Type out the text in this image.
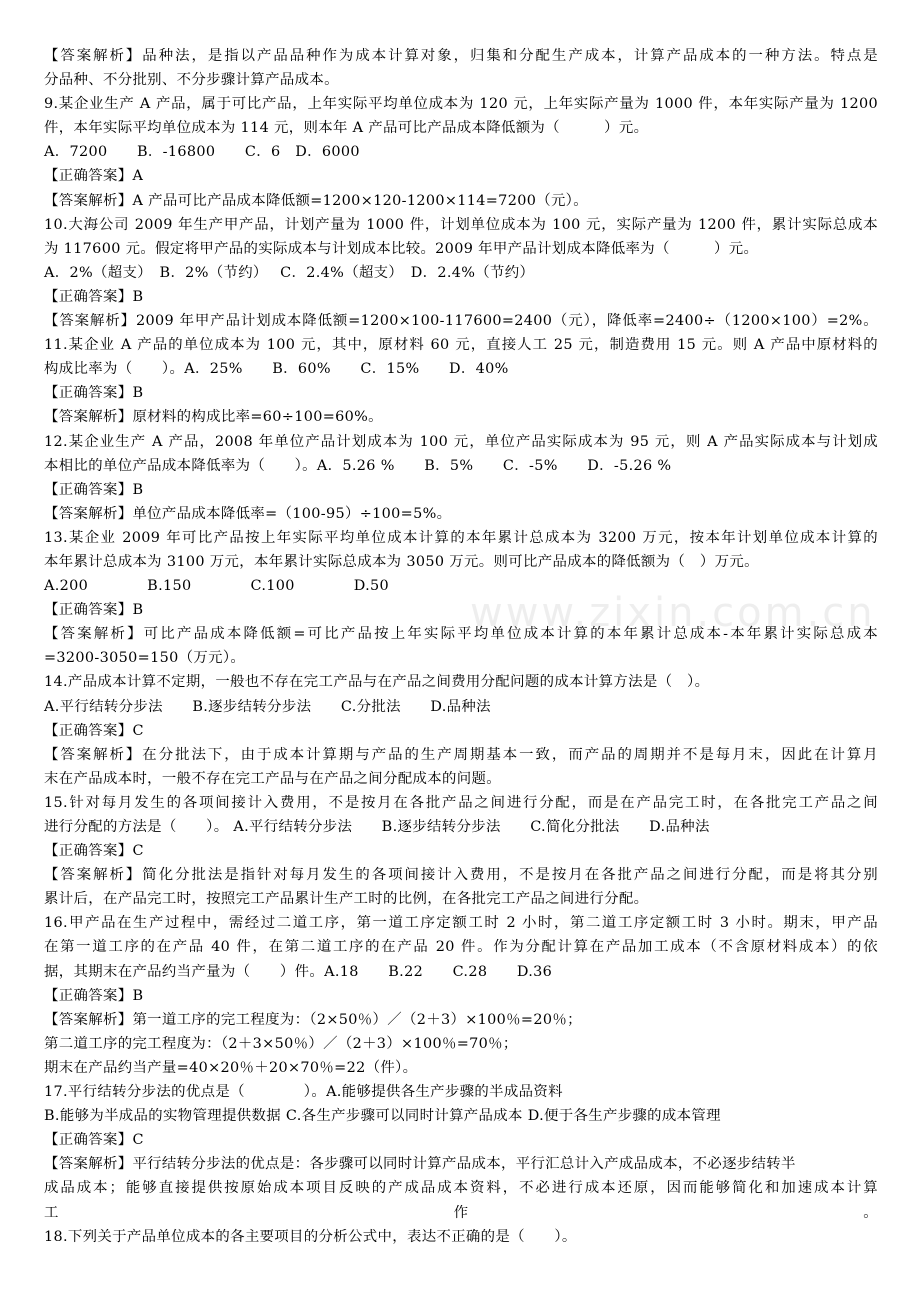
【答案解析】品种法，是指以产品品种作为成本计算对象，归集和分配生产成本，计算产品成本的一种方法。特点是
分品种、不分批别、不分步骤计算产品成本。
9.某企业生产 A 产品，属于可比产品，上年实际平均单位成本为 120 元，上年实际产量为 1000 件，本年实际产量为 1200
件，本年实际平均单位成本为 114 元，则本年 A 产品可比产品成本降低额为（　　　）元。
A．7200　　B．-16800　　C．6　D．6000
【正确答案】A
【答案解析】A 产品可比产品成本降低额=1200×120-1200×114=7200（元）。
10.大海公司 2009 年生产甲产品，计划产量为 1000 件，计划单位成本为 100 元，实际产量为 1200 件，累计实际总成本
为 117600 元。假定将甲产品的实际成本与计划成本比较。2009 年甲产品计划成本降低率为（　　　）元。
A．2%（超支）　B．2%（节约）　 C．2.4%（超支）　D．2.4%（节约）
【正确答案】B
【答案解析】2009 年甲产品计划成本降低额=1200×100-117600=2400（元），降低率=2400÷（1200×100）=2%。
11.某企业 A 产品的单位成本为 100 元，其中，原材料 60 元，直接人工 25 元，制造费用 15 元。则 A 产品中原材料的
构成比率为（　　）。A．25%　　B．60%　　C．15%　　D．40%
【正确答案】B
【答案解析】原材料的构成比率=60÷100=60%。
12.某企业生产 A 产品，2008 年单位产品计划成本为 100 元，单位产品实际成本为 95 元，则 A 产品实际成本与计划成
本相比的单位产品成本降低率为（　　）。A．5.26 %　　B．5%　　C．-5%　　D．-5.26 %
【正确答案】B
【答案解析】单位产品成本降低率=（100-95）÷100=5%。
13.某企业 2009 年可比产品按上年实际平均单位成本计算的本年累计总成本为 3200 万元，按本年计划单位成本计算的
本年累计总成本为 3100 万元，本年累计实际总成本为 3050 万元。则可比产品成本的降低额为（　）万元。
A.200　　　　B.150　　　　C.100　　　　D.50
【正确答案】B
【答案解析】可比产品成本降低额=可比产品按上年实际平均单位成本计算的本年累计总成本-本年累计实际总成本
=3200-3050=150（万元）。
14.产品成本计算不定期，一般也不存在完工产品与在产品之间费用分配问题的成本计算方法是（　）。
A.平行结转分步法　　B.逐步结转分步法　　C.分批法　　D.品种法
【正确答案】C
【答案解析】在分批法下，由于成本计算期与产品的生产周期基本一致，而产品的周期并不是每月末，因此在计算月
末在产品成本时，一般不存在完工产品与在产品之间分配成本的问题。
15.针对每月发生的各项间接计入费用，不是按月在各批产品之间进行分配，而是在产品完工时，在各批完工产品之间
进行分配的方法是（　　）。 A.平行结转分步法　　B.逐步结转分步法　　C.简化分批法　　D.品种法
【正确答案】C
【答案解析】简化分批法是指针对每月发生的各项间接计入费用，不是按月在各批产品之间进行分配，而是将其分别
累计后，在产品完工时，按照完工产品累计生产工时的比例，在各批完工产品之间进行分配。
16.甲产品在生产过程中，需经过二道工序，第一道工序定额工时 2 小时，第二道工序定额工时 3 小时。期末，甲产品
在第一道工序的在产品 40 件，在第二道工序的在产品 20 件。作为分配计算在产品加工成本（不含原材料成本）的依
据，其期末在产品约当产量为（　　）件。A.18　　B.22　　C.28　　D.36
【正确答案】B
【答案解析】第一道工序的完工程度为：（2×50％）／（2＋3）×100％=20％；
第二道工序的完工程度为：（2＋3×50％）／（2＋3）×100％=70％；
期末在产品约当产量=40×20％＋20×70％=22（件）。
17.平行结转分步法的优点是（　　　　）。A.能够提供各生产步骤的半成品资料
B.能够为半成品的实物管理提供数据 C.各生产步骤可以同时计算产品成本 D.便于各生产步骤的成本管理
【正确答案】C
【答案解析】平行结转分步法的优点是：各步骤可以同时计算产品成本，平行汇总计入产成品成本，不必逐步结转半
成品成本；能够直接提供按原始成本项目反映的产成品成本资料，不必进行成本还原，因而能够简化和加速成本计算
工作。
18.下列关于产品单位成本的各主要项目的分析公式中，表达不正确的是（　　）。
www.zixin.com.cn
